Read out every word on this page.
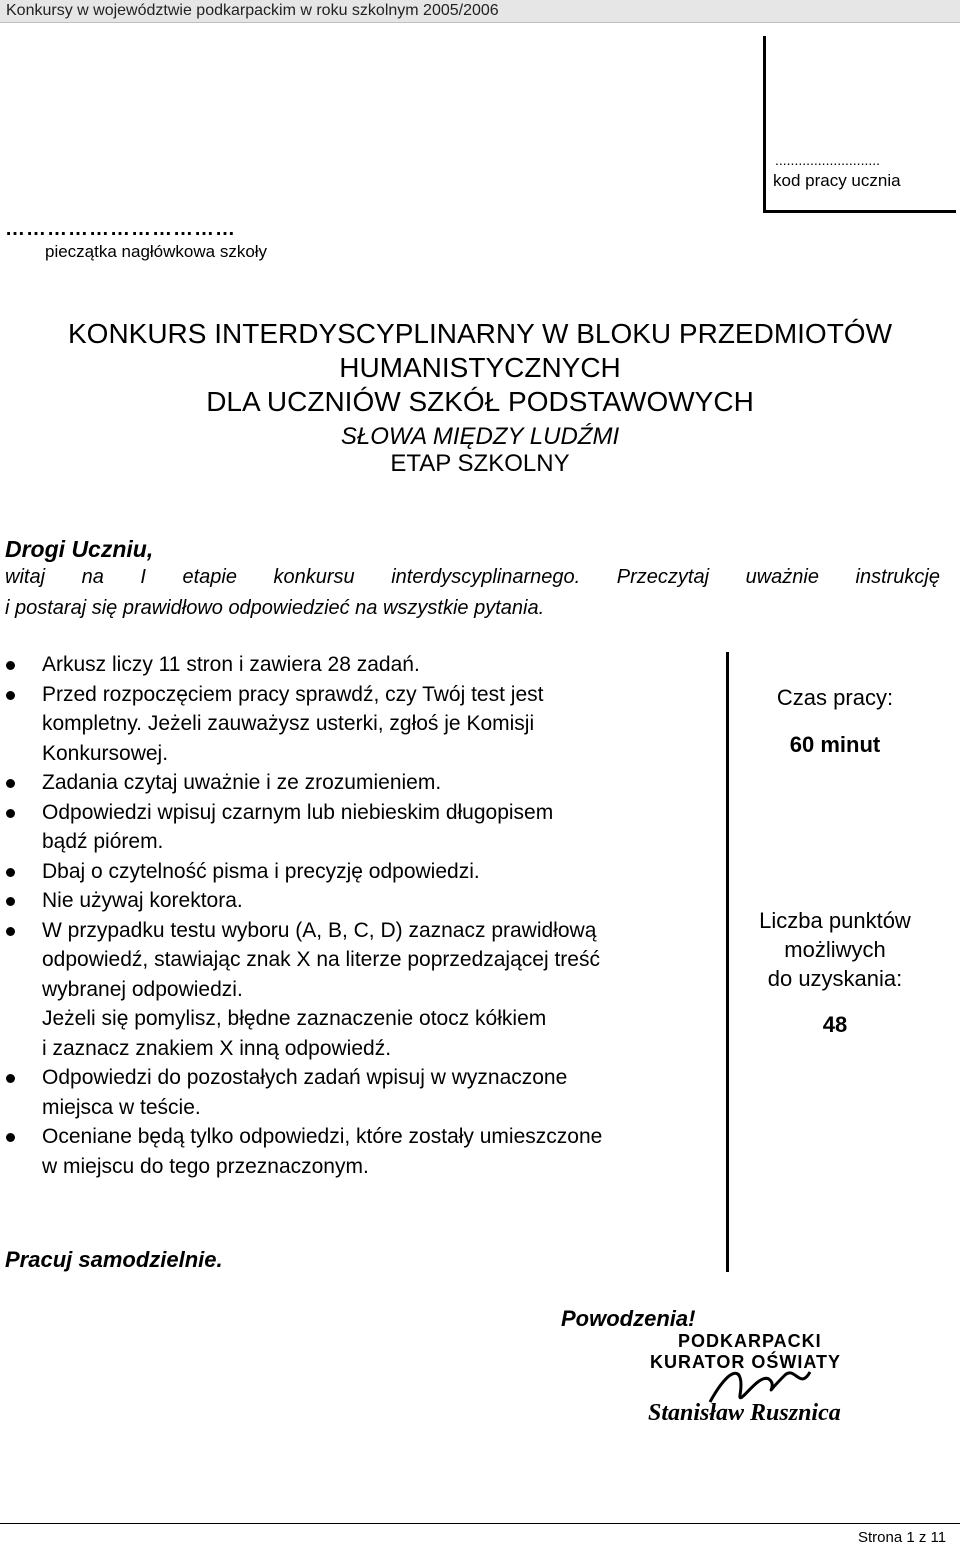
Konkursy w województwie podkarpackim w roku szkolnym 2005/2006
...........................
kod pracy ucznia
……………………………
pieczątka nagłówkowa szkoły
KONKURS INTERDYSCYPLINARNY W BLOKU PRZEDMIOTÓW
HUMANISTYCZNYCH
DLA UCZNIÓW SZKÓŁ PODSTAWOWYCH
SŁOWA MIĘDZY LUDŹMI
ETAP SZKOLNY
Drogi Uczniu,
witaj na I etapie konkursu interdyscyplinarnego. Przeczytaj uważnie instrukcję
i postaraj się prawidłowo odpowiedzieć na wszystkie pytania.
Arkusz liczy 11 stron i zawiera 28 zadań.
Przed rozpoczęciem pracy sprawdź, czy Twój test jest
kompletny. Jeżeli zauważysz usterki, zgłoś je Komisji
Konkursowej.
Zadania czytaj uważnie i ze zrozumieniem.
Odpowiedzi wpisuj czarnym lub niebieskim długopisem
bądź piórem.
Dbaj o czytelność pisma i precyzję odpowiedzi.
Nie używaj korektora.
W przypadku testu wyboru (A, B, C, D) zaznacz prawidłową
odpowiedź, stawiając znak X na literze poprzedzającej treść
wybranej odpowiedzi.
Jeżeli się pomylisz, błędne zaznaczenie otocz kółkiem
i zaznacz znakiem X inną odpowiedź.
Odpowiedzi do pozostałych zadań wpisuj w wyznaczone
miejsca w teście.
Oceniane będą tylko odpowiedzi, które zostały umieszczone
w miejscu do tego przeznaczonym.
Czas pracy:
60 minut
Liczba punktów
możliwych
do uzyskania:
48
Pracuj samodzielnie.
Powodzenia!
PODKARPACKI
KURATOR OŚWIATY
Stanisław Rusznica
Strona 1 z 11
